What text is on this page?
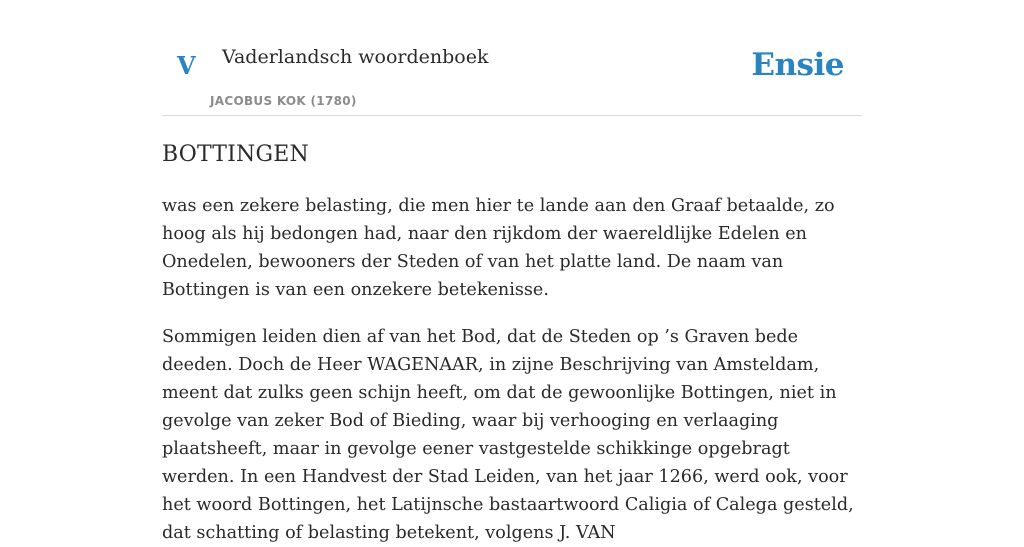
V Vaderlandsch woordenboek
JACOBUS KOK (1780)
Ensie
BOTTINGEN

was een zekere belasting, die men hier te lande aan den Graaf betaalde, zo hoog als hij bedongen had, naar den rijkdom der waereldlijke Edelen en Onedelen, bewooners der Steden of van het platte land. De naam van Bottingen is van een onzekere betekenisse.

Sommigen leiden dien af van het Bod, dat de Steden op ’s Graven bede deeden. Doch de Heer WAGENAAR, in zijne Beschrijving van Amsteldam, meent dat zulks geen schijn heeft, om dat de gewoonlijke Bottingen, niet in gevolge van zeker Bod of Bieding, waar bij verhooging en verlaaging plaatsheeft, maar in gevolge eener vastgestelde schikkinge opgebragt werden. In een Handvest der Stad Leiden, van het jaar 1266, werd ook, voor het woord Bottingen, het Latijnsche bastaartwoord Caligia of Calega gesteld, dat schatting of belasting betekent, volgens J. VAN
